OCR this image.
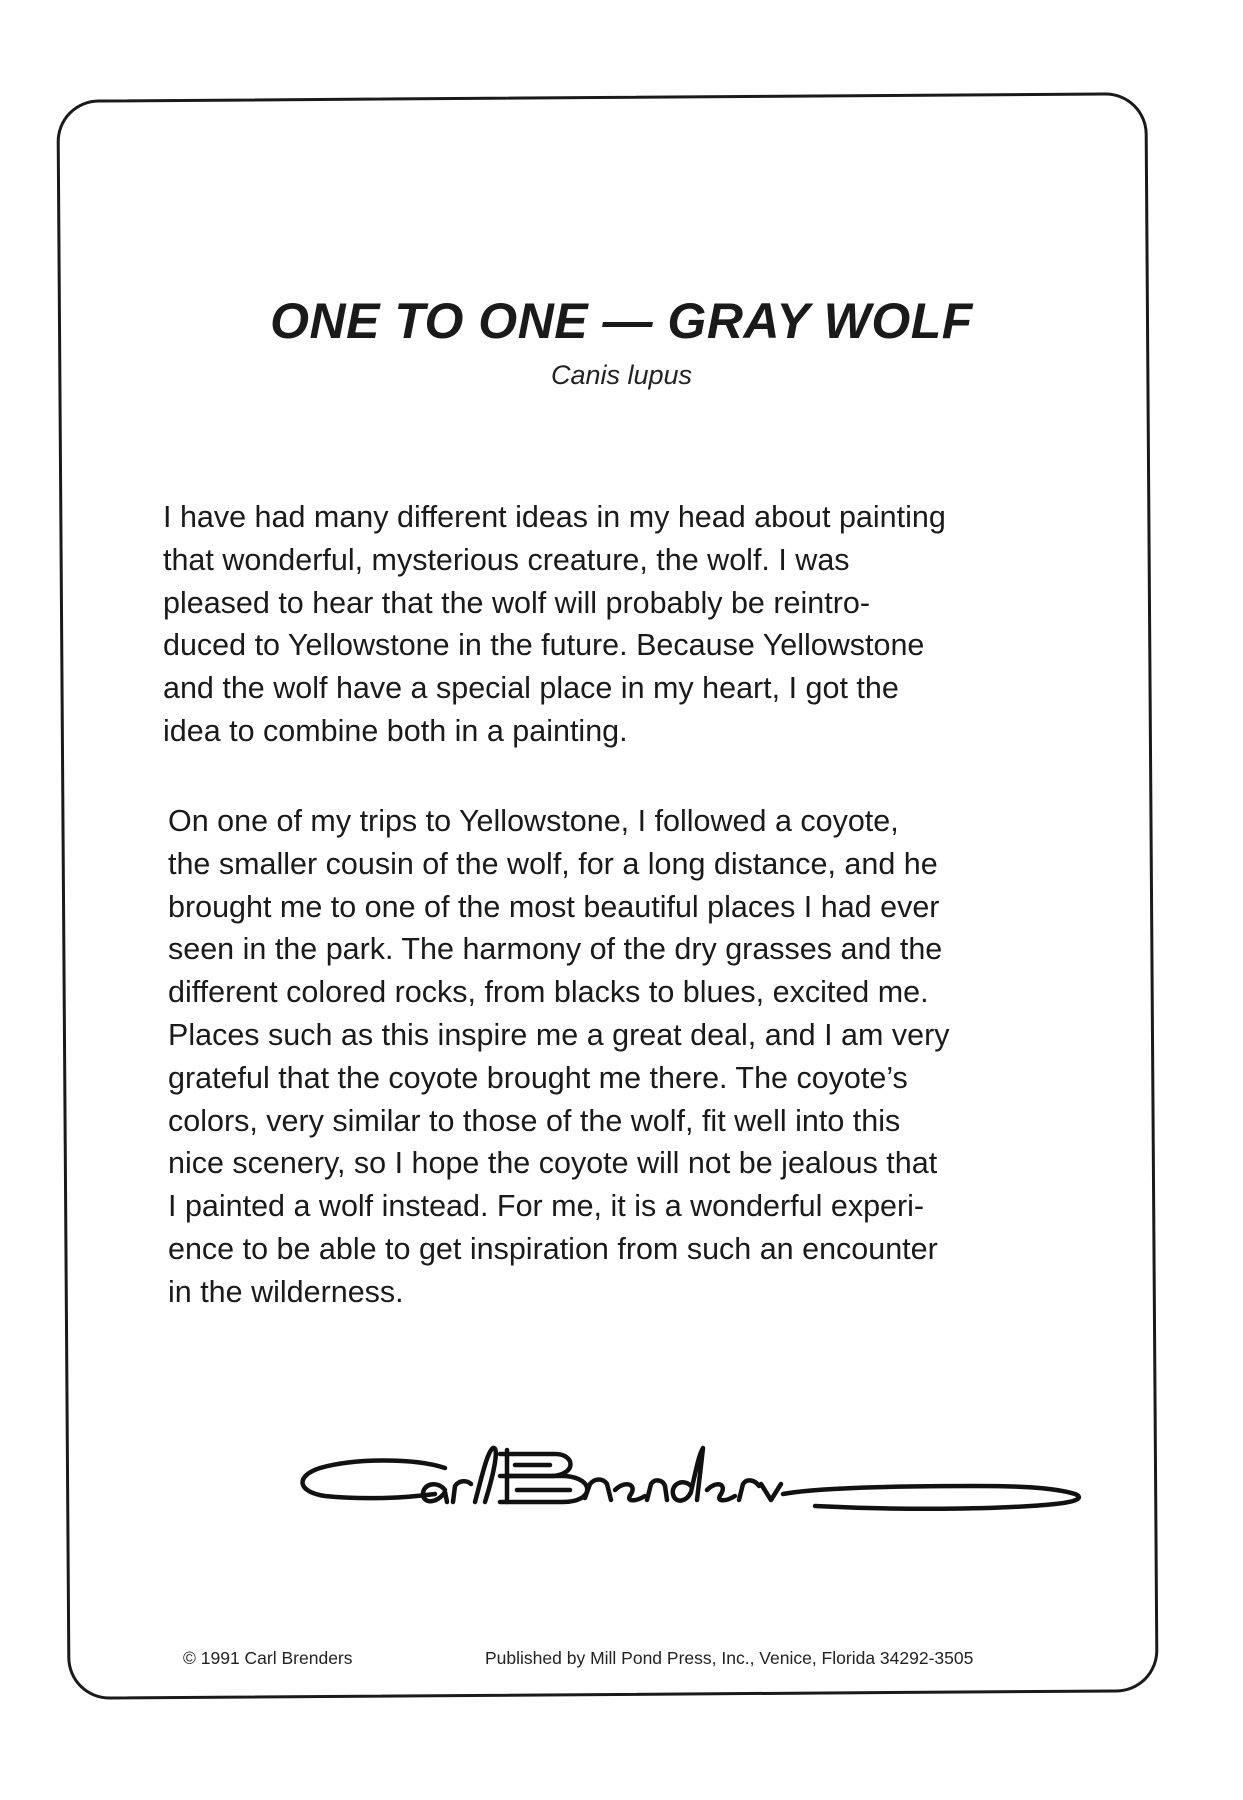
ONE TO ONE — GRAY WOLF

Canis lupus

I have had many different ideas in my head about painting
that wonderful, mysterious creature, the wolf. I was
pleased to hear that the wolf will probably be reintro-
duced to Yellowstone in the future. Because Yellowstone
and the wolf have a special place in my heart, I got the
idea to combine both in a painting.

On one of my trips to Yellowstone, I followed a coyote,
the smaller cousin of the wolf, for a long distance, and he
brought me to one of the most beautiful places I had ever
seen in the park. The harmony of the dry grasses and the
different colored rocks, from blacks to blues, excited me.
Places such as this inspire me a great deal, and I am very
grateful that the coyote brought me there. The coyote’s
colors, very similar to those of the wolf, fit well into this
nice scenery, so I hope the coyote will not be jealous that
I painted a wolf instead. For me, it is a wonderful experi-
ence to be able to get inspiration from such an encounter
in the wilderness.

© 1991 Carl Brenders	Published by Mill Pond Press, Inc., Venice, Florida 34292-3505
